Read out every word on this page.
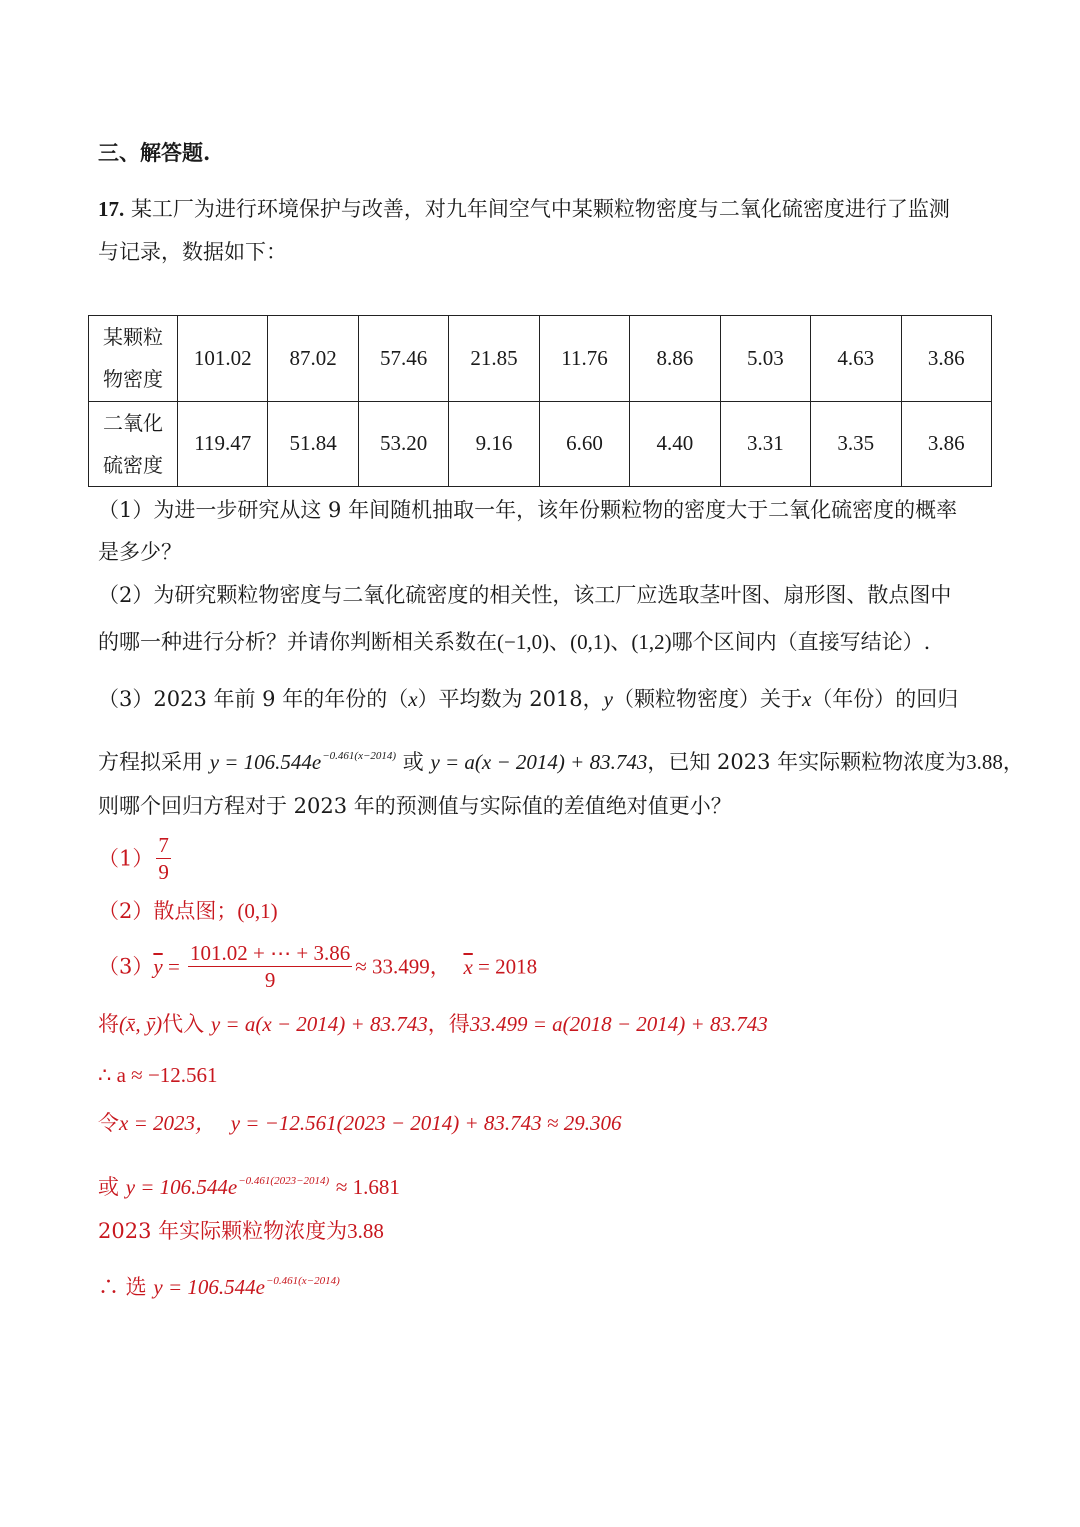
三、解答题.
17. 某工厂为进行环境保护与改善，对九年间空气中某颗粒物密度与二氧化硫密度进行了监测
与记录，数据如下：
某颗粒
物密度	101.02	87.02	57.46	21.85	11.76	8.86	5.03	4.63	3.86
二氧化
硫密度	119.47	51.84	53.20	9.16	6.60	4.40	3.31	3.35	3.86
（1）为进一步研究从这 9 年间随机抽取一年，该年份颗粒物的密度大于二氧化硫密度的概率
是多少？
（2）为研究颗粒物密度与二氧化硫密度的相关性，该工厂应选取茎叶图、扇形图、散点图中
的哪一种进行分析？并请你判断相关系数在(−1,0)、(0,1)、(1,2)哪个区间内（直接写结论）.
（3）2023 年前 9 年的年份的（x）平均数为 2018，y（颗粒物密度）关于x（年份）的回归
方程拟采用 $y = 106.544e^{-0.461(x-2014)}$ 或 y = a(x − 2014) + 83.743，已知 2023 年实际颗粒物浓度为3.88，
则哪个回归方程对于 2023 年的预测值与实际值的差值绝对值更小？
$(1) \frac{7}{9}$
（2）散点图；(0,1)
$(3)\overline{y} = \frac{101.02 + \cdots + 3.86}{9} \approx 33.499$， $\overline{x} = 2018$
将(x̄, ȳ)代入 y = a(x − 2014) + 83.743，得33.499 = a(2018 − 2014) + 83.743
∴ a ≈ −12.561
令x = 2023， y = −12.561(2023 − 2014) + 83.743 ≈ 29.306
或 $y = 106.544e^{-0.461(2023-2014)} \approx 1.681$
2023 年实际颗粒物浓度为3.88
∴ 选 $y = 106.544e^{-0.461(x-2014)}$
